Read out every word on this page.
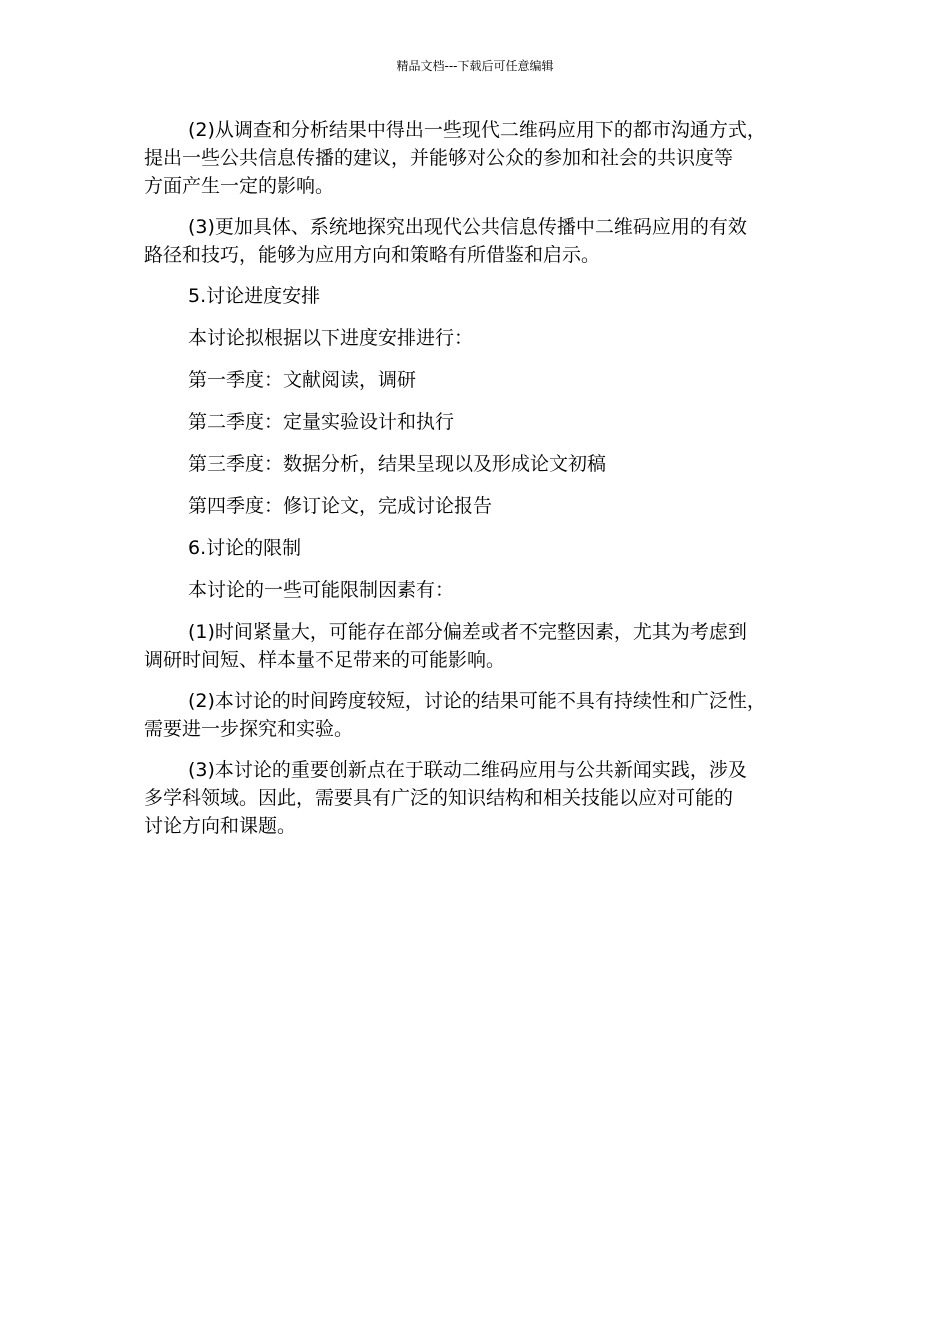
精品文档---下载后可任意编辑

(2)从调查和分析结果中得出一些现代二维码应用下的都市沟通方式，
提出一些公共信息传播的建议，并能够对公众的参加和社会的共识度等
方面产生一定的影响。

(3)更加具体、系统地探究出现代公共信息传播中二维码应用的有效
路径和技巧，能够为应用方向和策略有所借鉴和启示。

5.讨论进度安排

本讨论拟根据以下进度安排进行：

第一季度：文献阅读，调研

第二季度：定量实验设计和执行

第三季度：数据分析，结果呈现以及形成论文初稿

第四季度：修订论文，完成讨论报告

6.讨论的限制

本讨论的一些可能限制因素有：

(1)时间紧量大，可能存在部分偏差或者不完整因素，尤其为考虑到
调研时间短、样本量不足带来的可能影响。

(2)本讨论的时间跨度较短，讨论的结果可能不具有持续性和广泛性，
需要进一步探究和实验。

(3)本讨论的重要创新点在于联动二维码应用与公共新闻实践，涉及
多学科领域。因此，需要具有广泛的知识结构和相关技能以应对可能的
讨论方向和课题。
